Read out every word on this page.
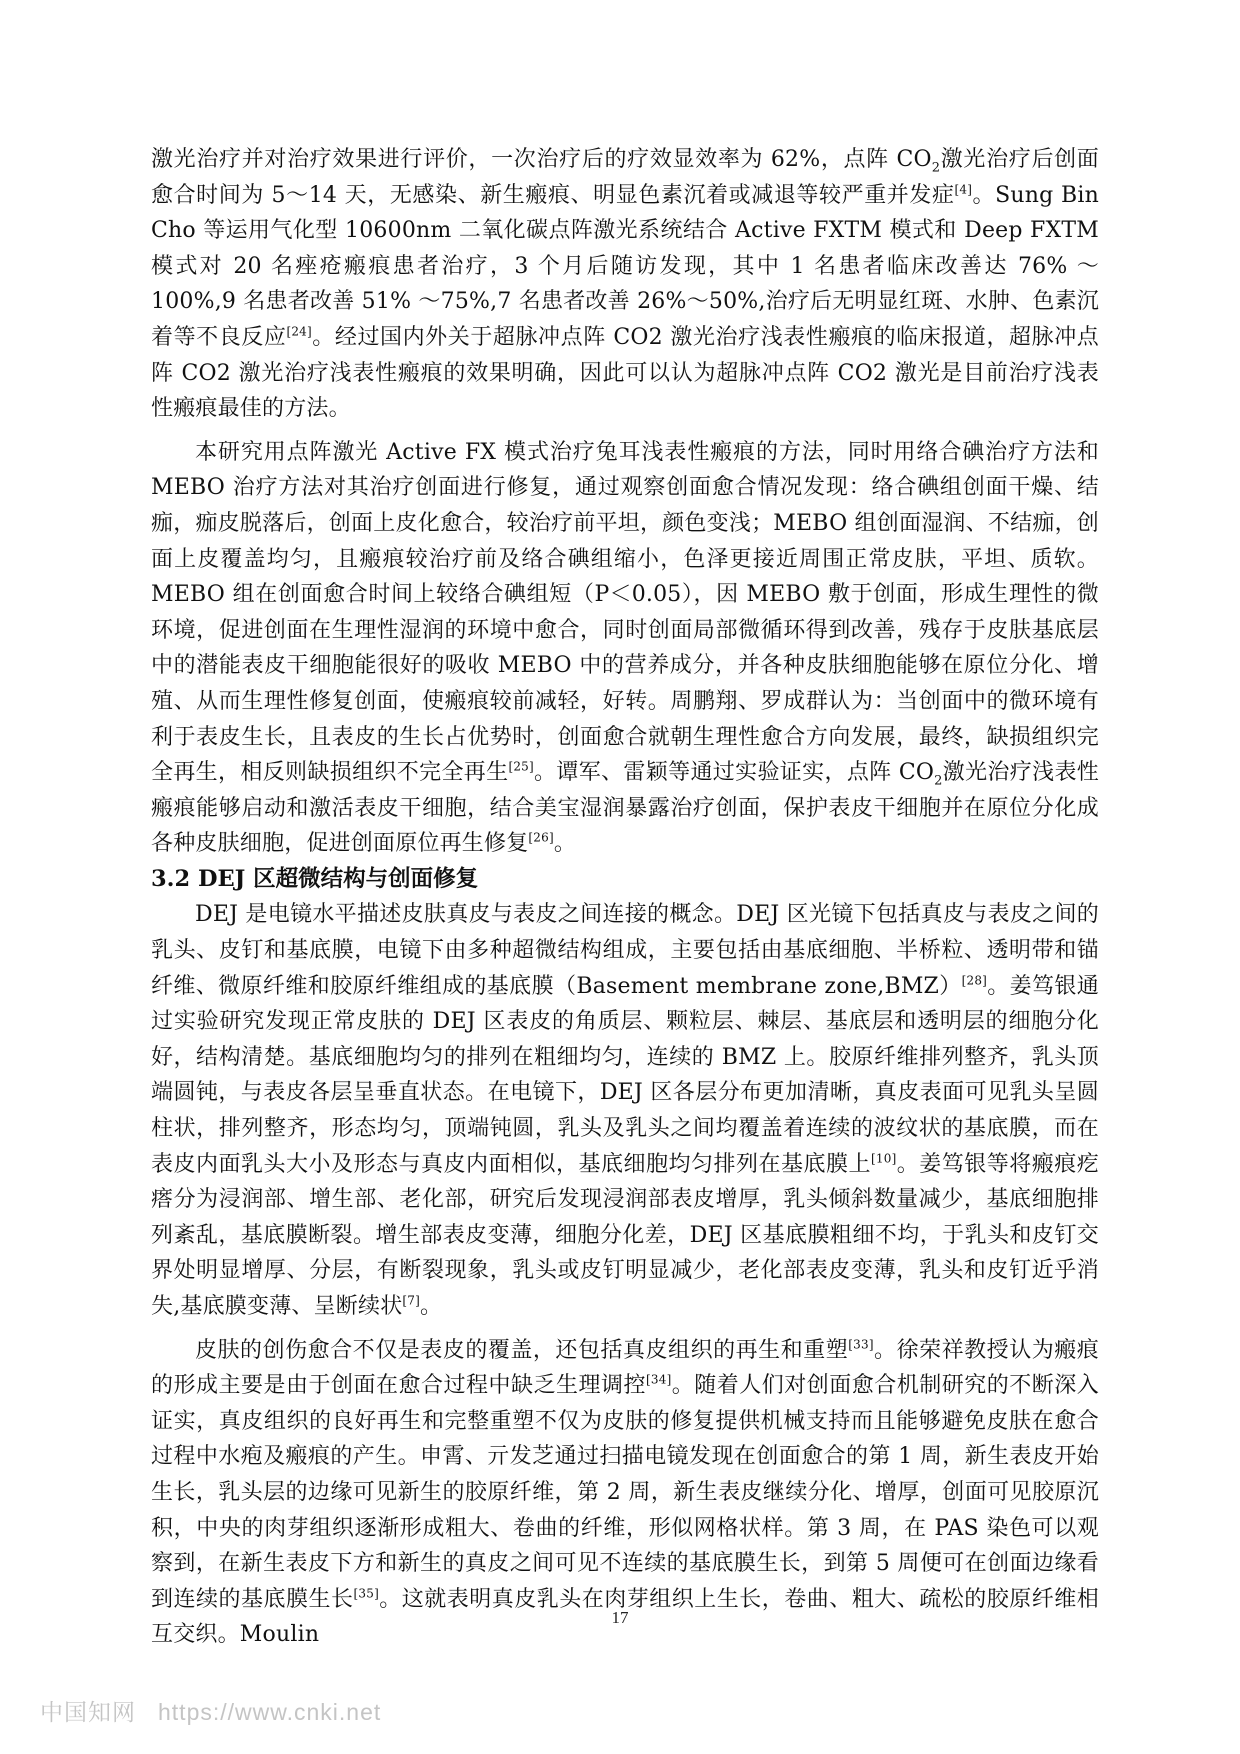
激光治疗并对治疗效果进行评价，一次治疗后的疗效显效率为 62%，点阵 $CO_2$激光治疗后创面愈合时间为 5～14 天，无感染、新生瘢痕、明显色素沉着或减退等较严重并发症[4]。Sung Bin Cho 等运用气化型 10600nm 二氧化碳点阵激光系统结合 Active FXTM 模式和 Deep FXTM 模式对 20 名痤疮瘢痕患者治疗，3 个月后随访发现，其中 1 名患者临床改善达 76% ～100%,9 名患者改善 51% ～75%,7 名患者改善 26%～50%,治疗后无明显红斑、水肿、色素沉着等不良反应[24]。经过国内外关于超脉冲点阵 CO2 激光治疗浅表性瘢痕的临床报道，超脉冲点阵 CO2 激光治疗浅表性瘢痕的效果明确，因此可以认为超脉冲点阵 CO2 激光是目前治疗浅表性瘢痕最佳的方法。

本研究用点阵激光 Active FX 模式治疗兔耳浅表性瘢痕的方法，同时用络合碘治疗方法和 MEBO 治疗方法对其治疗创面进行修复，通过观察创面愈合情况发现：络合碘组创面干燥、结痂，痂皮脱落后，创面上皮化愈合，较治疗前平坦，颜色变浅；MEBO 组创面湿润、不结痂，创面上皮覆盖均匀，且瘢痕较治疗前及络合碘组缩小，色泽更接近周围正常皮肤，平坦、质软。MEBO 组在创面愈合时间上较络合碘组短（P＜0.05），因 MEBO 敷于创面，形成生理性的微环境，促进创面在生理性湿润的环境中愈合，同时创面局部微循环得到改善，残存于皮肤基底层中的潜能表皮干细胞能很好的吸收 MEBO 中的营养成分，并各种皮肤细胞能够在原位分化、增殖、从而生理性修复创面，使瘢痕较前减轻，好转。周鹏翔、罗成群认为：当创面中的微环境有利于表皮生长，且表皮的生长占优势时，创面愈合就朝生理性愈合方向发展，最终，缺损组织完全再生，相反则缺损组织不完全再生[25]。谭军、雷颖等通过实验证实，点阵 $CO_2$激光治疗浅表性瘢痕能够启动和激活表皮干细胞，结合美宝湿润暴露治疗创面，保护表皮干细胞并在原位分化成各种皮肤细胞，促进创面原位再生修复[26]。

3.2 DEJ 区超微结构与创面修复

DEJ 是电镜水平描述皮肤真皮与表皮之间连接的概念。DEJ 区光镜下包括真皮与表皮之间的乳头、皮钉和基底膜，电镜下由多种超微结构组成，主要包括由基底细胞、半桥粒、透明带和锚纤维、微原纤维和胶原纤维组成的基底膜（Basement membrane zone,BMZ）[28]。姜笃银通过实验研究发现正常皮肤的 DEJ 区表皮的角质层、颗粒层、棘层、基底层和透明层的细胞分化好，结构清楚。基底细胞均匀的排列在粗细均匀，连续的 BMZ 上。胶原纤维排列整齐，乳头顶端圆钝，与表皮各层呈垂直状态。在电镜下，DEJ 区各层分布更加清晰，真皮表面可见乳头呈圆柱状，排列整齐，形态均匀，顶端钝圆，乳头及乳头之间均覆盖着连续的波纹状的基底膜，而在表皮内面乳头大小及形态与真皮内面相似，基底细胞均匀排列在基底膜上[10]。姜笃银等将瘢痕疙瘩分为浸润部、增生部、老化部，研究后发现浸润部表皮增厚，乳头倾斜数量减少，基底细胞排列紊乱，基底膜断裂。增生部表皮变薄，细胞分化差，DEJ 区基底膜粗细不均，于乳头和皮钉交界处明显增厚、分层，有断裂现象，乳头或皮钉明显减少，老化部表皮变薄，乳头和皮钉近乎消失,基底膜变薄、呈断续状[7]。

皮肤的创伤愈合不仅是表皮的覆盖，还包括真皮组织的再生和重塑[33]。徐荣祥教授认为瘢痕的形成主要是由于创面在愈合过程中缺乏生理调控[34]。随着人们对创面愈合机制研究的不断深入证实，真皮组织的良好再生和完整重塑不仅为皮肤的修复提供机械支持而且能够避免皮肤在愈合过程中水疱及瘢痕的产生。申霄、亓发芝通过扫描电镜发现在创面愈合的第 1 周，新生表皮开始生长，乳头层的边缘可见新生的胶原纤维，第 2 周，新生表皮继续分化、增厚，创面可见胶原沉积，中央的肉芽组织逐渐形成粗大、卷曲的纤维，形似网格状样。第 3 周，在 PAS 染色可以观察到，在新生表皮下方和新生的真皮之间可见不连续的基底膜生长，到第 5 周便可在创面边缘看到连续的基底膜生长[35]。这就表明真皮乳头在肉芽组织上生长，卷曲、粗大、疏松的胶原纤维相互交织。Moulin

17
中国知网 https://www.cnki.net
